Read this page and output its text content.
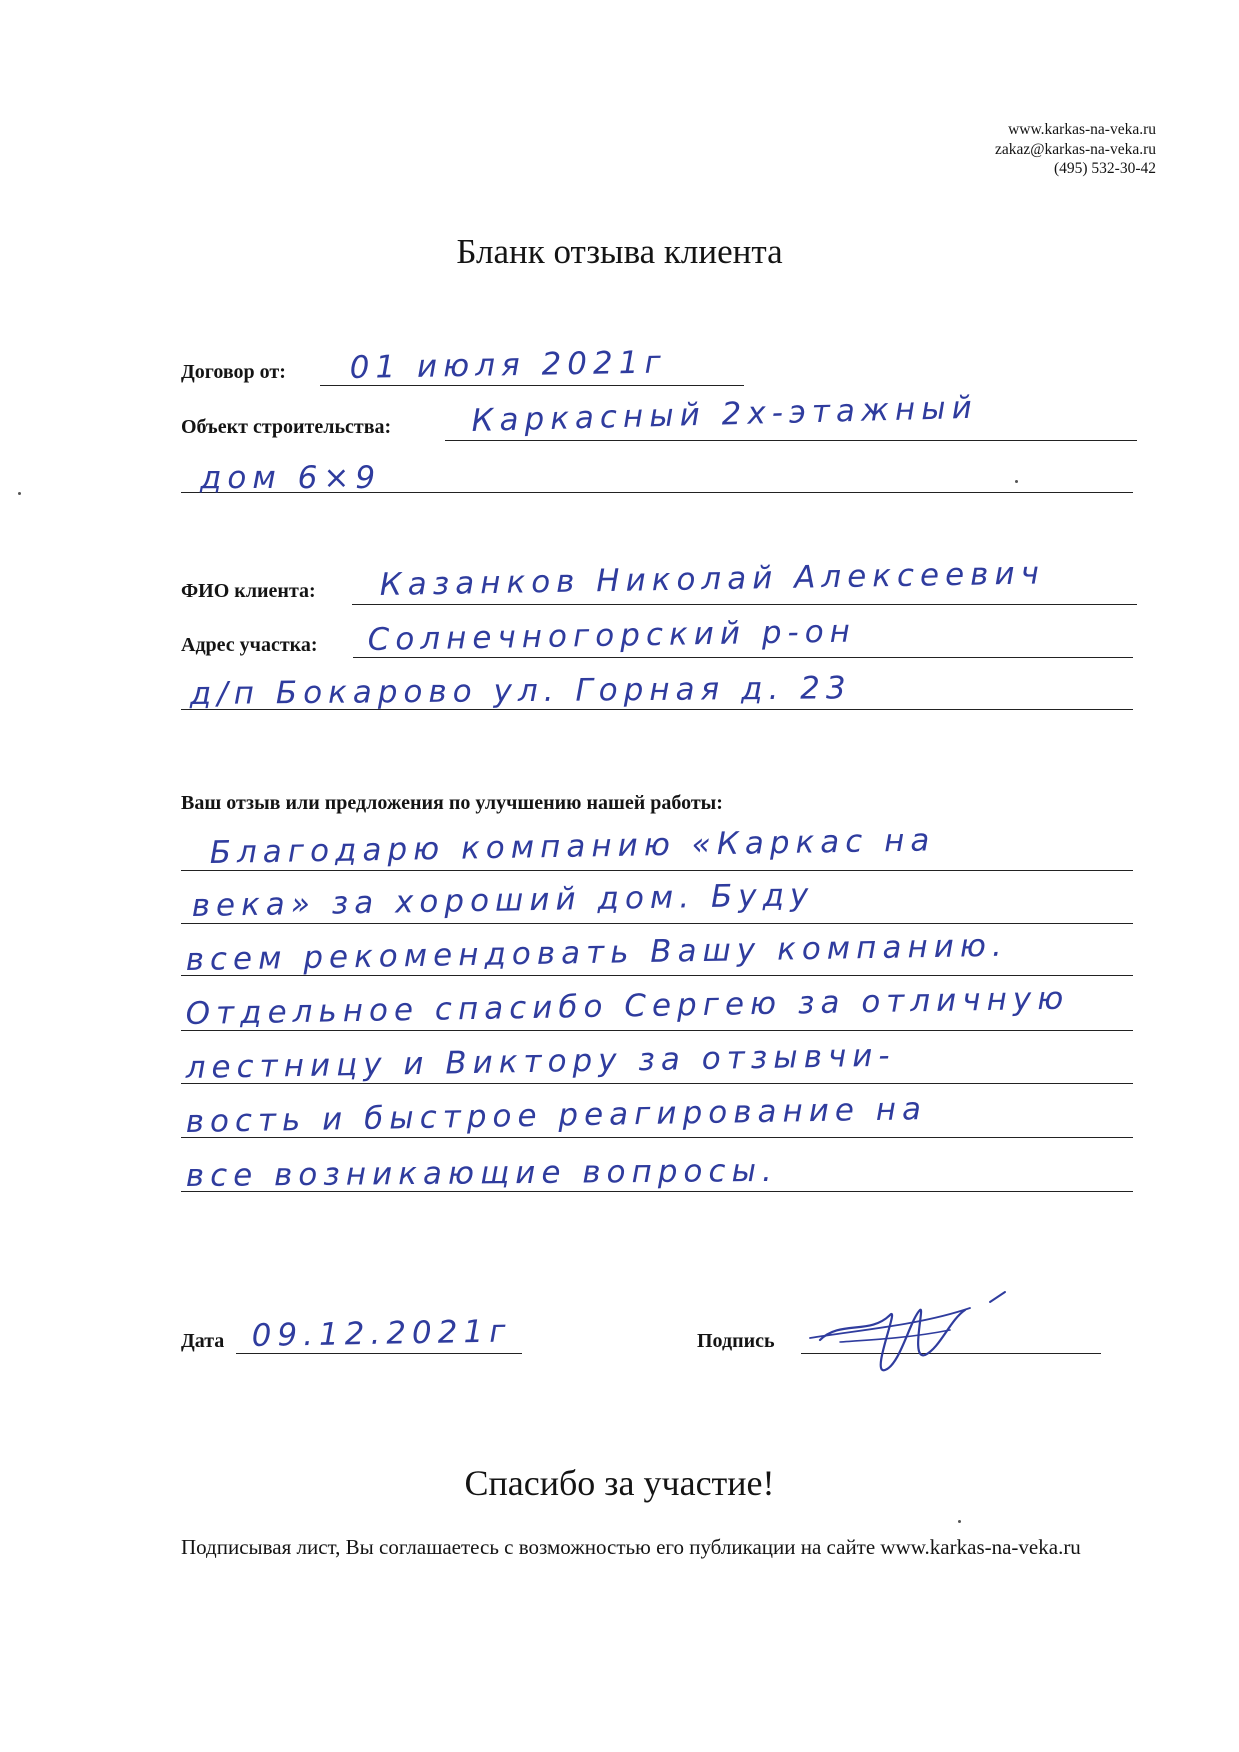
www.karkas-na-veka.ru
zakaz@karkas-na-veka.ru
(495) 532-30-42
Бланк отзыва клиента
Договор от: 01 июля 2021г
Объект строительства:	Каркасный 2х-этажный
дом 6×9
ФИО клиента: Казанков Николай Алексеевич
Адрес участка: Солнечногорский р-он
д/п Бокарово ул. Горная д. 23
Ваш отзыв или предложения по улучшению нашей работы:
Благодарю компанию «Каркас на
века» за хороший дом. Буду
всем рекомендовать Вашу компанию.
Отдельное спасибо Сергею за отличную
лестницу и Виктору за отзывчи-
вость и быстрое реагирование на
все возникающие вопросы.
Дата 09.12.2021г	Подпись
Спасибо за участие!
Подписывая лист, Вы соглашаетесь с возможностью его публикации на сайте www.karkas-na-veka.ru
